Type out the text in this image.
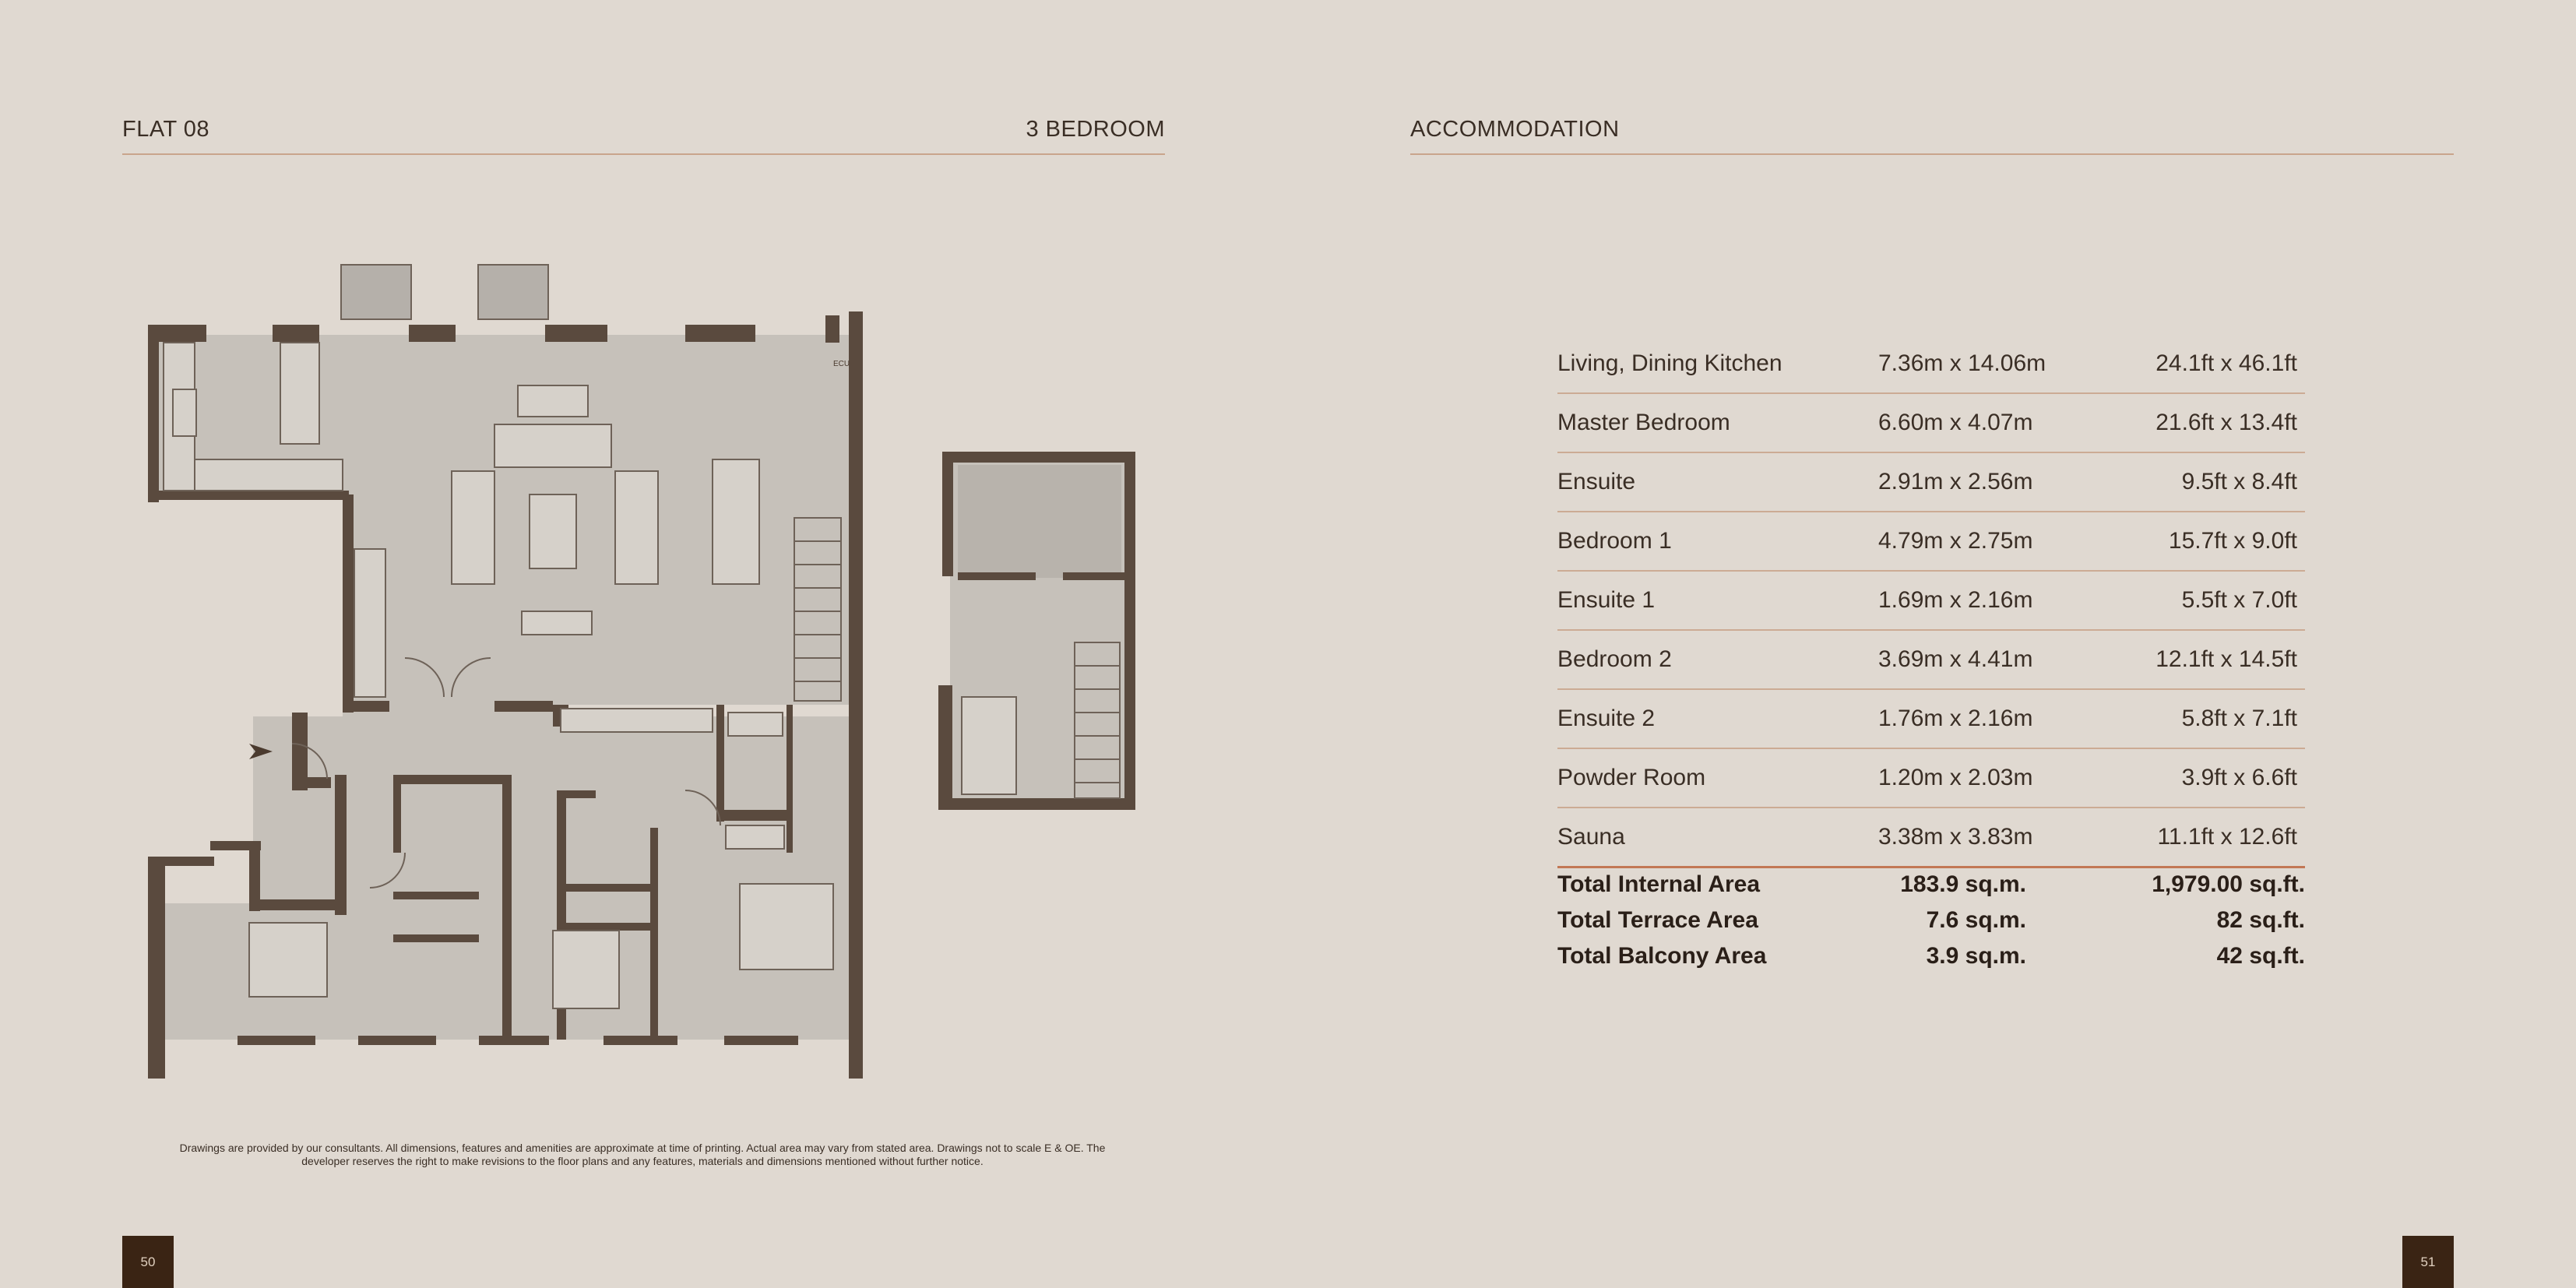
FLAT 08	3 BEDROOM	ACCOMMODATION
ECU	Living, Dining Kitchen	7.36m x 14.06m	24.1ft x 46.1ft
Master Bedroom	6.60m x 4.07m	21.6ft x 13.4ft
Ensuite	2.91m x 2.56m	9.5ft x 8.4ft
Bedroom 1	4.79m x 2.75m	15.7ft x 9.0ft
Ensuite 1	1.69m x 2.16m	5.5ft x 7.0ft
Bedroom 2	3.69m x 4.41m	12.1ft x 14.5ft
Ensuite 2	1.76m x 2.16m	5.8ft x 7.1ft
Powder Room	1.20m x 2.03m	3.9ft x 6.6ft
Sauna	3.38m x 3.83m	11.1ft x 12.6ft
Total Internal Area	183.9 sq.m.	1,979.00 sq.ft.
Total Terrace Area	7.6 sq.m.	82 sq.ft.
Total Balcony Area	3.9 sq.m.	42 sq.ft.
Drawings are provided by our consultants. All dimensions, features and amenities are approximate at time of printing. Actual area may vary from stated area. Drawings not to scale E & OE. The
developer reserves the right to make revisions to the floor plans and any features, materials and dimensions mentioned without further notice.
50	51
